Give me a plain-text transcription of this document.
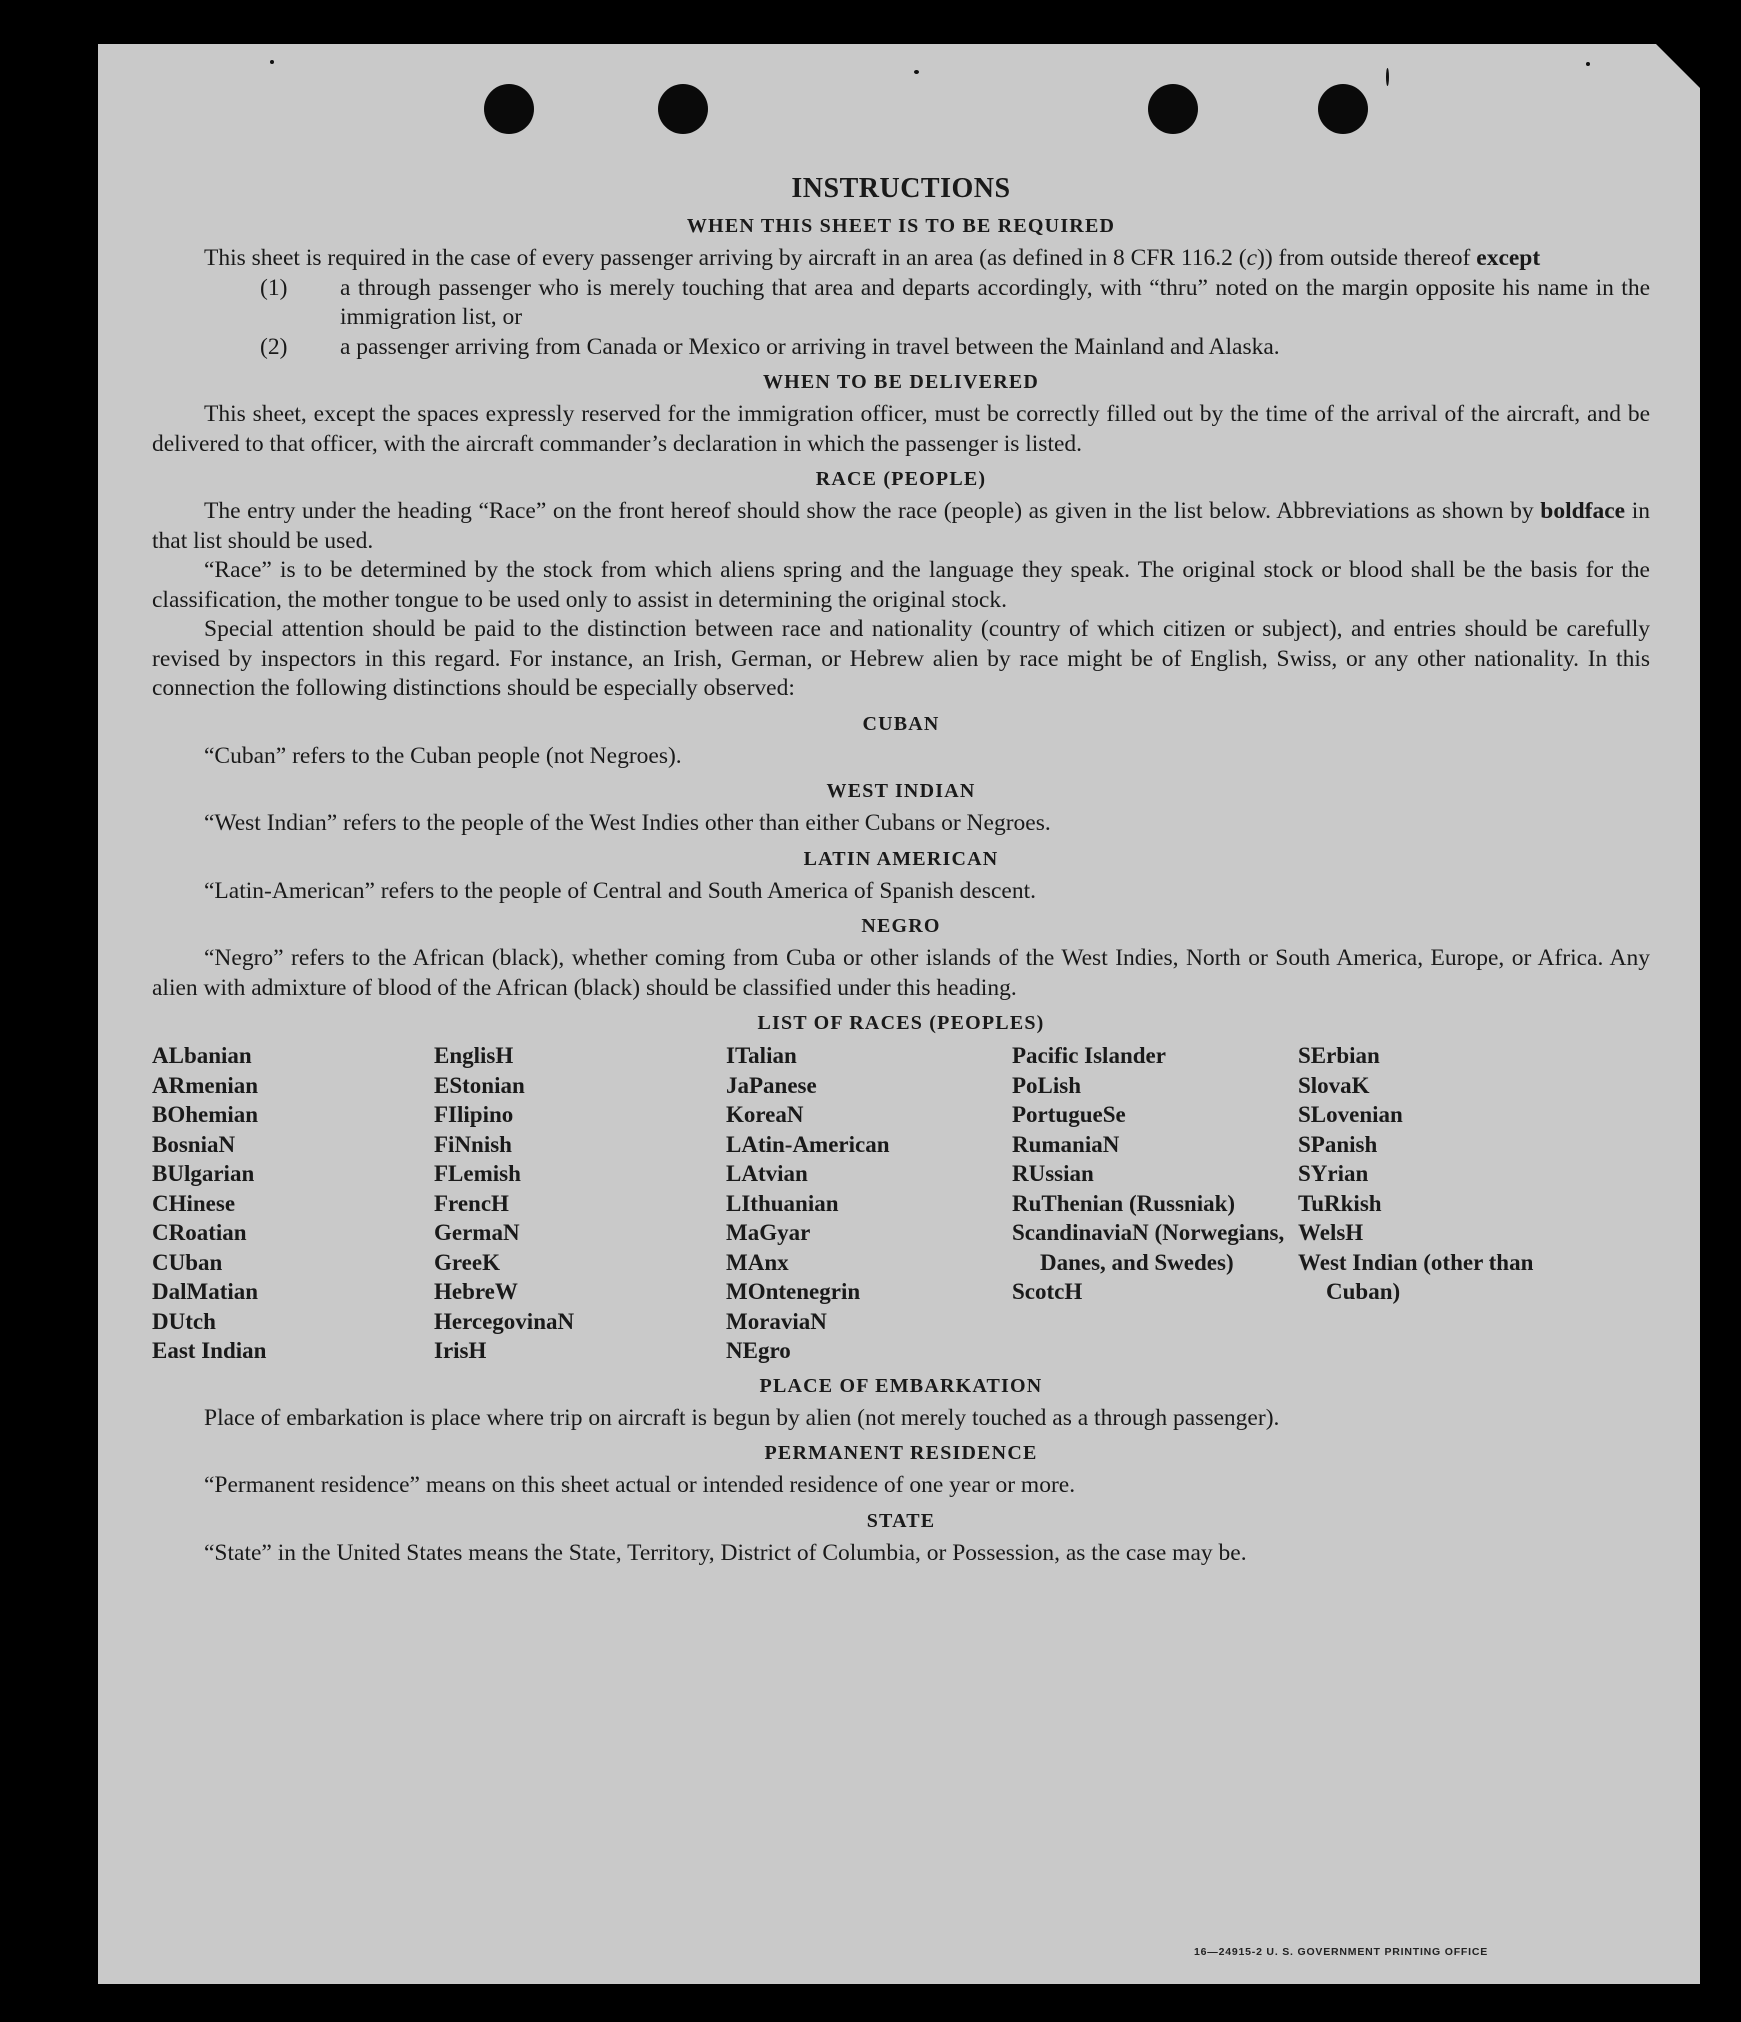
INSTRUCTIONS
WHEN THIS SHEET IS TO BE REQUIRED

This sheet is required in the case of every passenger arriving by aircraft in an area (as defined in 8 CFR 116.2 (c)) from outside thereof except

(1)	a through passenger who is merely touching that area and departs accordingly, with “thru” noted on the margin opposite his name in the immigration list, or
(2)	a passenger arriving from Canada or Mexico or arriving in travel between the Mainland and Alaska.
WHEN TO BE DELIVERED

This sheet, except the spaces expressly reserved for the immigration officer, must be correctly filled out by the time of the arrival of the aircraft, and be delivered to that officer, with the aircraft commander’s declaration in which the passenger is listed.

RACE (PEOPLE)

The entry under the heading “Race” on the front hereof should show the race (people) as given in the list below. Abbreviations as shown by boldface in that list should be used.

“Race” is to be determined by the stock from which aliens spring and the language they speak. The original stock or blood shall be the basis for the classification, the mother tongue to be used only to assist in determining the original stock.

Special attention should be paid to the distinction between race and nationality (country of which citizen or subject), and entries should be carefully revised by inspectors in this regard. For instance, an Irish, German, or Hebrew alien by race might be of English, Swiss, or any other nationality. In this connection the following distinctions should be especially observed:

CUBAN

“Cuban” refers to the Cuban people (not Negroes).

WEST INDIAN

“West Indian” refers to the people of the West Indies other than either Cubans or Negroes.

LATIN AMERICAN

“Latin-American” refers to the people of Central and South America of Spanish descent.

NEGRO

“Negro” refers to the African (black), whether coming from Cuba or other islands of the West Indies, North or South America, Europe, or Africa. Any alien with admixture of blood of the African (black) should be classified under this heading.

LIST OF RACES (PEOPLES)
ALbanian
ARmenian
BOhemian
BosniaN
BUlgarian
CHinese
CRoatian
CUban
DalMatian
DUtch
East Indian
EnglisH
EStonian
FIlipino
FiNnish
FLemish
FrencH
GermaN
GreeK
HebreW
HercegovinaN
IrisH
ITalian
JaPanese
KoreaN
LAtin-American
LAtvian
LIthuanian
MaGyar
MAnx
MOntenegrin
MoraviaN
NEgro
Pacific Islander
PoLish
PortugueSe
RumaniaN
RUssian
RuThenian (Russniak)
ScandinaviaN (Norwegians, Danes, and Swedes)
ScotcH
SErbian
SlovaK
SLovenian
SPanish
SYrian
TuRkish
WelsH
West Indian (other than Cuban)
PLACE OF EMBARKATION

Place of embarkation is place where trip on aircraft is begun by alien (not merely touched as a through passenger).

PERMANENT RESIDENCE

“Permanent residence” means on this sheet actual or intended residence of one year or more.

STATE

“State” in the United States means the State, Territory, District of Columbia, or Possession, as the case may be.

16—24915-2 U. S. GOVERNMENT PRINTING OFFICE
